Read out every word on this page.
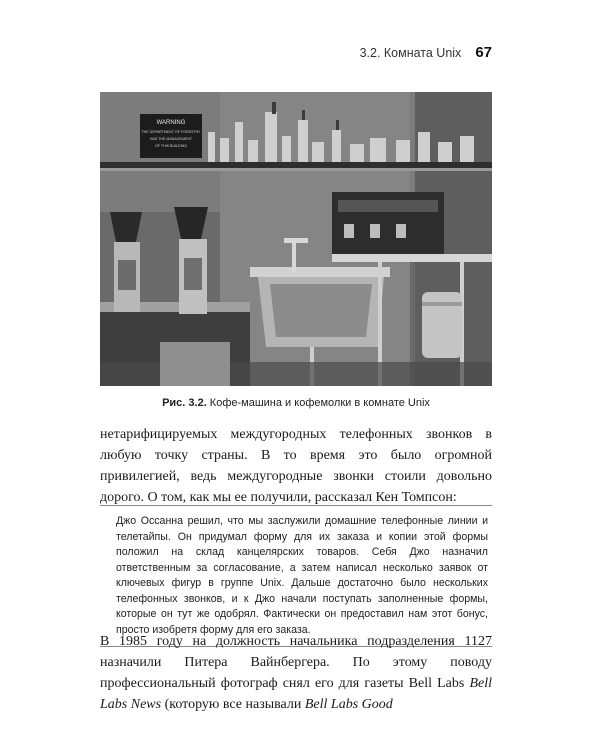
3.2. Комната Unix 67
WARNING
THE DEPARTMENT OF FORESTRY
HAS THE MANAGEMENT
OF THIS BUILDING
Рис. 3.2. Кофе-машина и кофемолки в комнате Unix

нетарифицируемых междугородных телефонных звонков в любую точку страны. В то время это было огромной привилегией, ведь междугородные звонки стоили довольно дорого. О том, как мы ее получили, рассказал Кен Томпсон:

Джо Оссанна решил, что мы заслужили домашние телефонные линии и телетайпы. Он придумал форму для их заказа и копии этой формы положил на склад канцелярских товаров. Себя Джо назначил ответственным за согласование, а затем написал несколько заявок от ключевых фигур в группе Unix. Дальше достаточно было нескольких телефонных звонков, и к Джо начали поступать заполненные формы, которые он тут же одобрял. Фактически он предоставил нам этот бонус, просто изобретя форму для его заказа.

В 1985 году на должность начальника подразделения 1127 назначили Питера Вайнбергера. По этому поводу профессиональный фотограф снял его для газеты Bell Labs Bell Labs News (которую все называли Bell Labs Good
